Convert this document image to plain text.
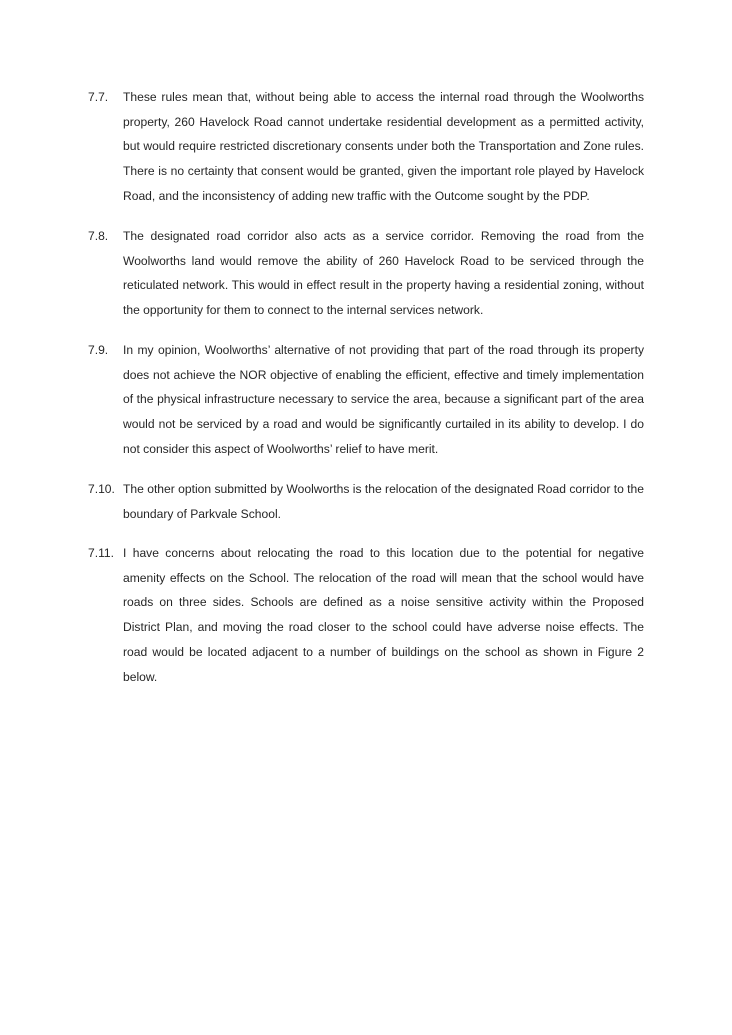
7.7.	These rules mean that, without being able to access the internal road through the Woolworths property, 260 Havelock Road cannot undertake residential development as a permitted activity, but would require restricted discretionary consents under both the Transportation and Zone rules. There is no certainty that consent would be granted, given the important role played by Havelock Road, and the inconsistency of adding new traffic with the Outcome sought by the PDP.
7.8.	The designated road corridor also acts as a service corridor. Removing the road from the Woolworths land would remove the ability of 260 Havelock Road to be serviced through the reticulated network. This would in effect result in the property having a residential zoning, without the opportunity for them to connect to the internal services network.
7.9.	In my opinion, Woolworths’ alternative of not providing that part of the road through its property does not achieve the NOR objective of enabling the efficient, effective and timely implementation of the physical infrastructure necessary to service the area, because a significant part of the area would not be serviced by a road and would be significantly curtailed in its ability to develop. I do not consider this aspect of Woolworths’ relief to have merit.
7.10. The other option submitted by Woolworths is the relocation of the designated Road corridor to the boundary of Parkvale School.
7.11. I have concerns about relocating the road to this location due to the potential for negative amenity effects on the School. The relocation of the road will mean that the school would have roads on three sides. Schools are defined as a noise sensitive activity within the Proposed District Plan, and moving the road closer to the school could have adverse noise effects. The road would be located adjacent to a number of buildings on the school as shown in Figure 2 below.
